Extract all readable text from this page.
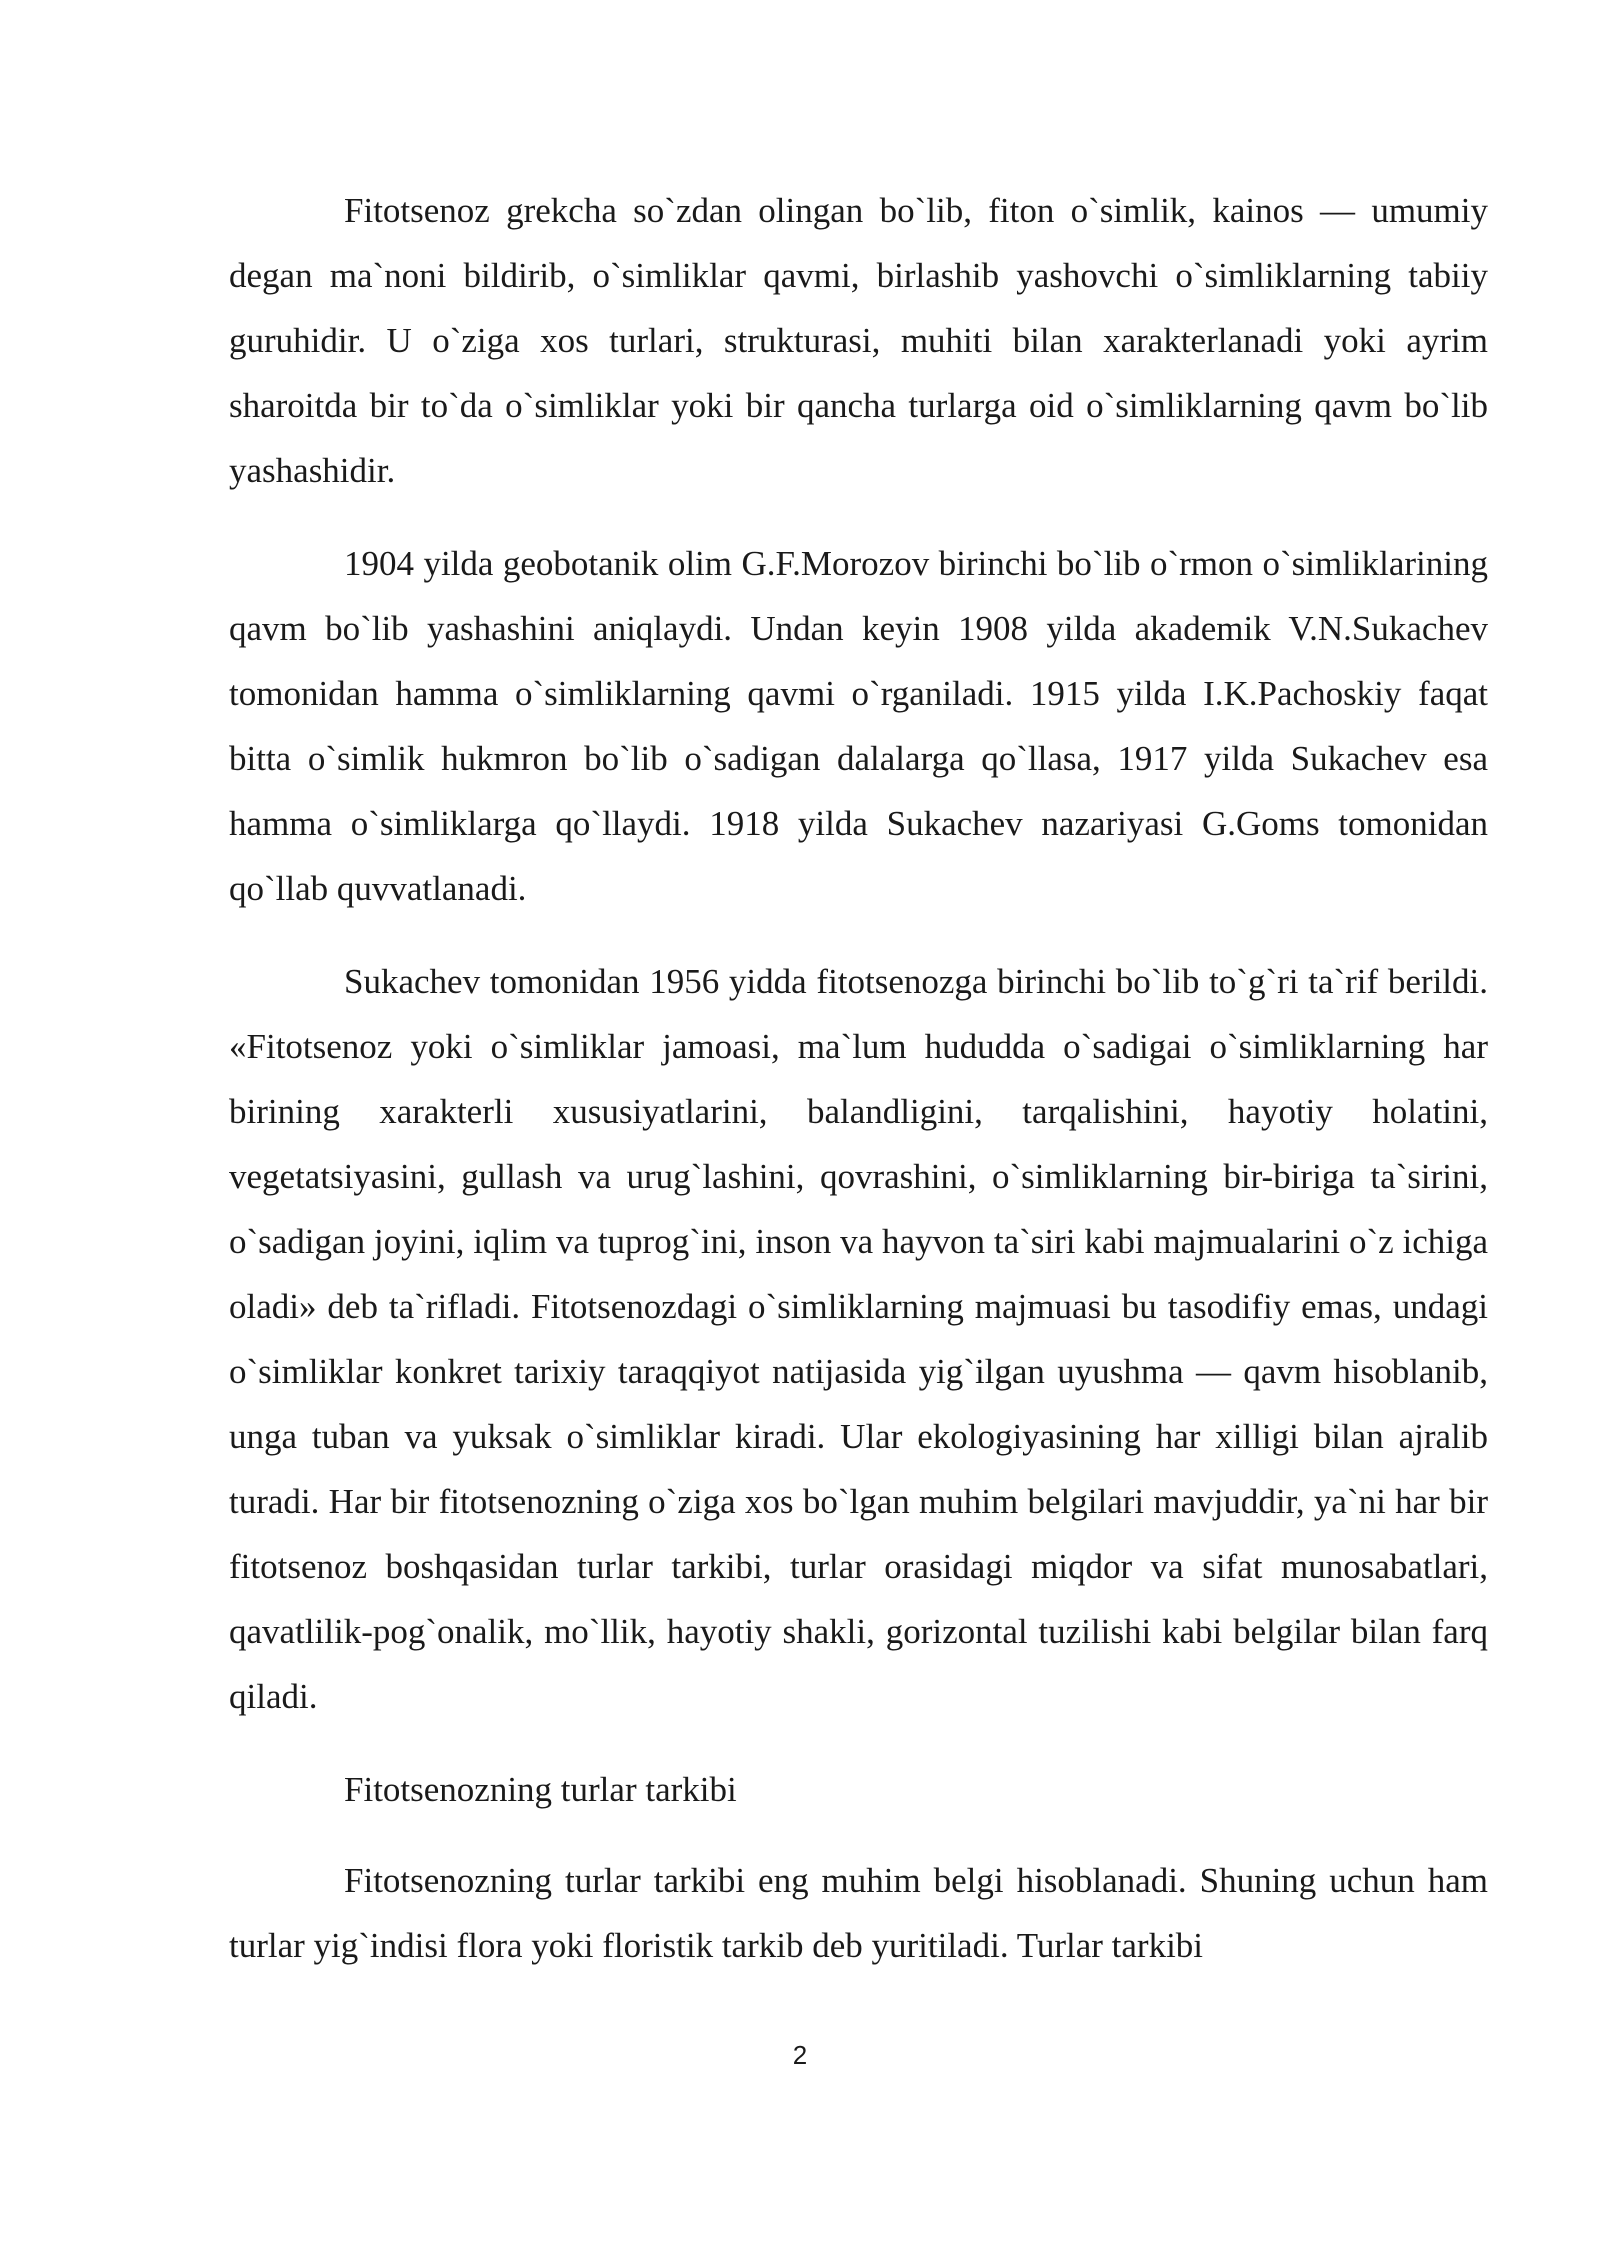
Fitotsenoz grekcha so`zdan olingan bo`lib, fiton o`simlik, kainos — umumiy degan ma`noni bildirib, o`simliklar qavmi, birlashib yashovchi o`simliklarning tabiiy guruhidir. U o`ziga xos turlari, strukturasi, muhiti bilan xarakterlanadi yoki ayrim sharoitda bir to`da o`simliklar yoki bir qancha turlarga oid o`simliklarning qavm bo`lib yashashidir.

1904 yilda geobotanik olim G.F.Morozov birinchi bo`lib o`rmon o`simliklarining qavm bo`lib yashashini aniqlaydi. Undan keyin 1908 yilda akademik V.N.Sukachev tomonidan hamma o`simliklarning qavmi o`rganiladi. 1915 yilda I.K.Pachoskiy faqat bitta o`simlik hukmron bo`lib o`sadigan dalalarga qo`llasa, 1917 yilda Sukachev esa hamma o`simliklarga qo`llaydi. 1918 yilda Sukachev nazariyasi G.Goms tomonidan qo`llab quvvatlanadi.

Sukachev tomonidan 1956 yidda fitotsenozga birinchi bo`lib to`g`ri ta`rif berildi. «Fitotsenoz yoki o`simliklar jamoasi, ma`lum hududda o`sadigai o`simliklarning har birining xarakterli xususiyatlarini, balandligini, tarqalishini, hayotiy holatini, vegetatsiyasini, gullash va urug`lashini, qovrashini, o`simliklarning bir-biriga ta`sirini, o`sadigan joyini, iqlim va tuprog`ini, inson va hayvon ta`siri kabi majmualarini o`z ichiga oladi» deb ta`rifladi. Fitotsenozdagi o`simliklarning majmuasi bu tasodifiy emas, undagi o`simliklar konkret tarixiy taraqqiyot natijasida yig`ilgan uyushma — qavm hisoblanib, unga tuban va yuksak o`simliklar kiradi. Ular ekologiyasining har xilligi bilan ajralib turadi. Har bir fitotsenozning o`ziga xos bo`lgan muhim belgilari mavjuddir, ya`ni har bir fitotsenoz boshqasidan turlar tarkibi, turlar orasidagi miqdor va sifat munosabatlari, qavatlilik-pog`onalik, mo`llik, hayotiy shakli, gorizontal tuzilishi kabi belgilar bilan farq qiladi.

Fitotsenozning turlar tarkibi

Fitotsenozning turlar tarkibi eng muhim belgi hisoblanadi. Shuning uchun ham turlar yig`indisi flora yoki floristik tarkib deb yuritiladi. Turlar tarkibi

2
